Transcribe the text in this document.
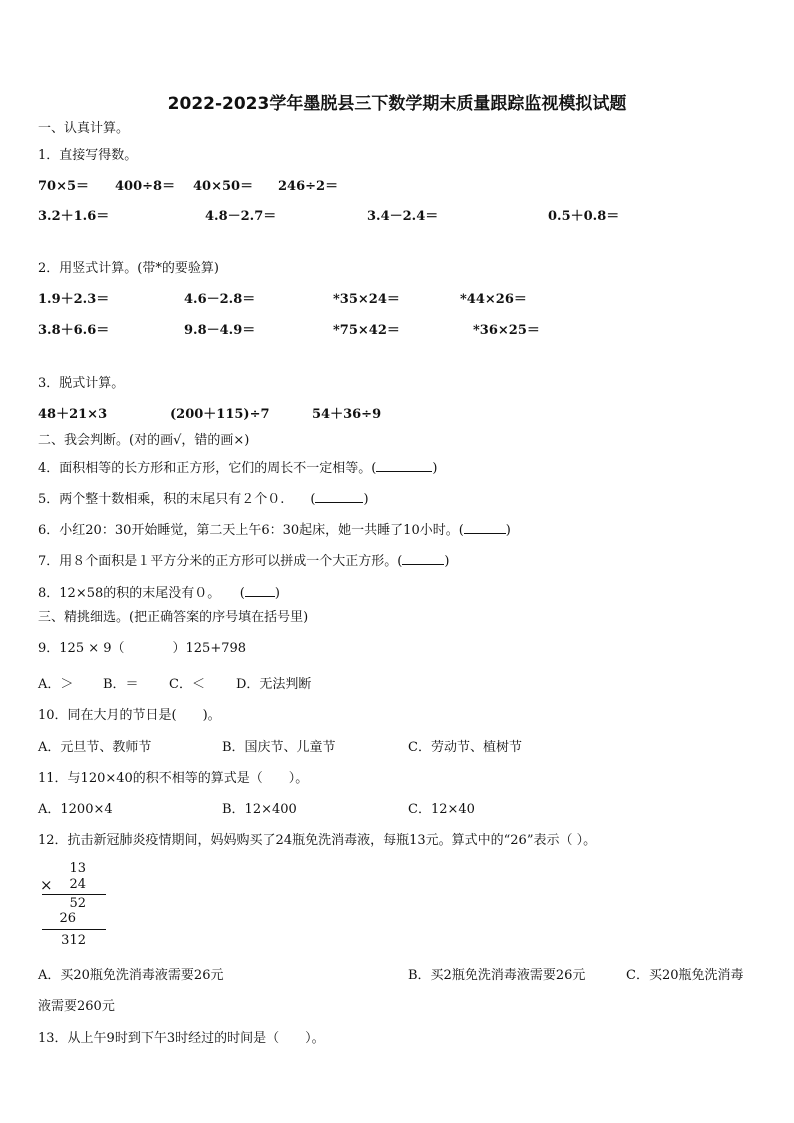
2022-2023学年墨脱县三下数学期末质量跟踪监视模拟试题
一、认真计算。
1．直接写得数。
70×5＝ 400÷8＝ 40×50＝ 246÷2＝
3.2＋1.6＝	4.8－2.7＝	3.4－2.4＝	0.5＋0.8＝
2．用竖式计算。(带*的要验算)
1.9＋2.3＝	4.6－2.8＝	*35×24＝	*44×26＝
3.8＋6.6＝	9.8－4.9＝	*75×42＝	*36×25＝
3．脱式计算。
48＋21×3	(200＋115)÷7	54＋36÷9
二、我会判断。(对的画√，错的画×)
4．面积相等的长方形和正方形，它们的周长不一定相等。(	)
5．两个整十数相乘，积的末尾只有２个０.　　(	)
6．小红20：30开始睡觉，第二天上午6：30起床，她一共睡了10小时。(	)
7．用８个面积是１平方分米的正方形可以拼成一个大正方形。(	)
8．12×58的积的末尾没有０。　　( )
三、精挑细选。(把正确答案的序号填在括号里)
9．125 × 9（	）125+798
A．＞ B．＝ C．＜ D．无法判断
10．同在大月的节日是(　　)。
A．元旦节、教师节	B．国庆节、儿童节	C．劳动节、植树节
11．与120×40的积不相等的算式是（　　）。
A．1200×4	B．12×400	C．12×40
12．抗击新冠肺炎疫情期间，妈妈购买了24瓶免洗消毒液，每瓶13元。算式中的“26”表示（ ）。
13
×	24
52
26
312
A．买20瓶免洗消毒液需要26元	B．买2瓶免洗消毒液需要26元	C．买20瓶免洗消毒
液需要260元
13．从上午9时到下午3时经过的时间是（　　）。
